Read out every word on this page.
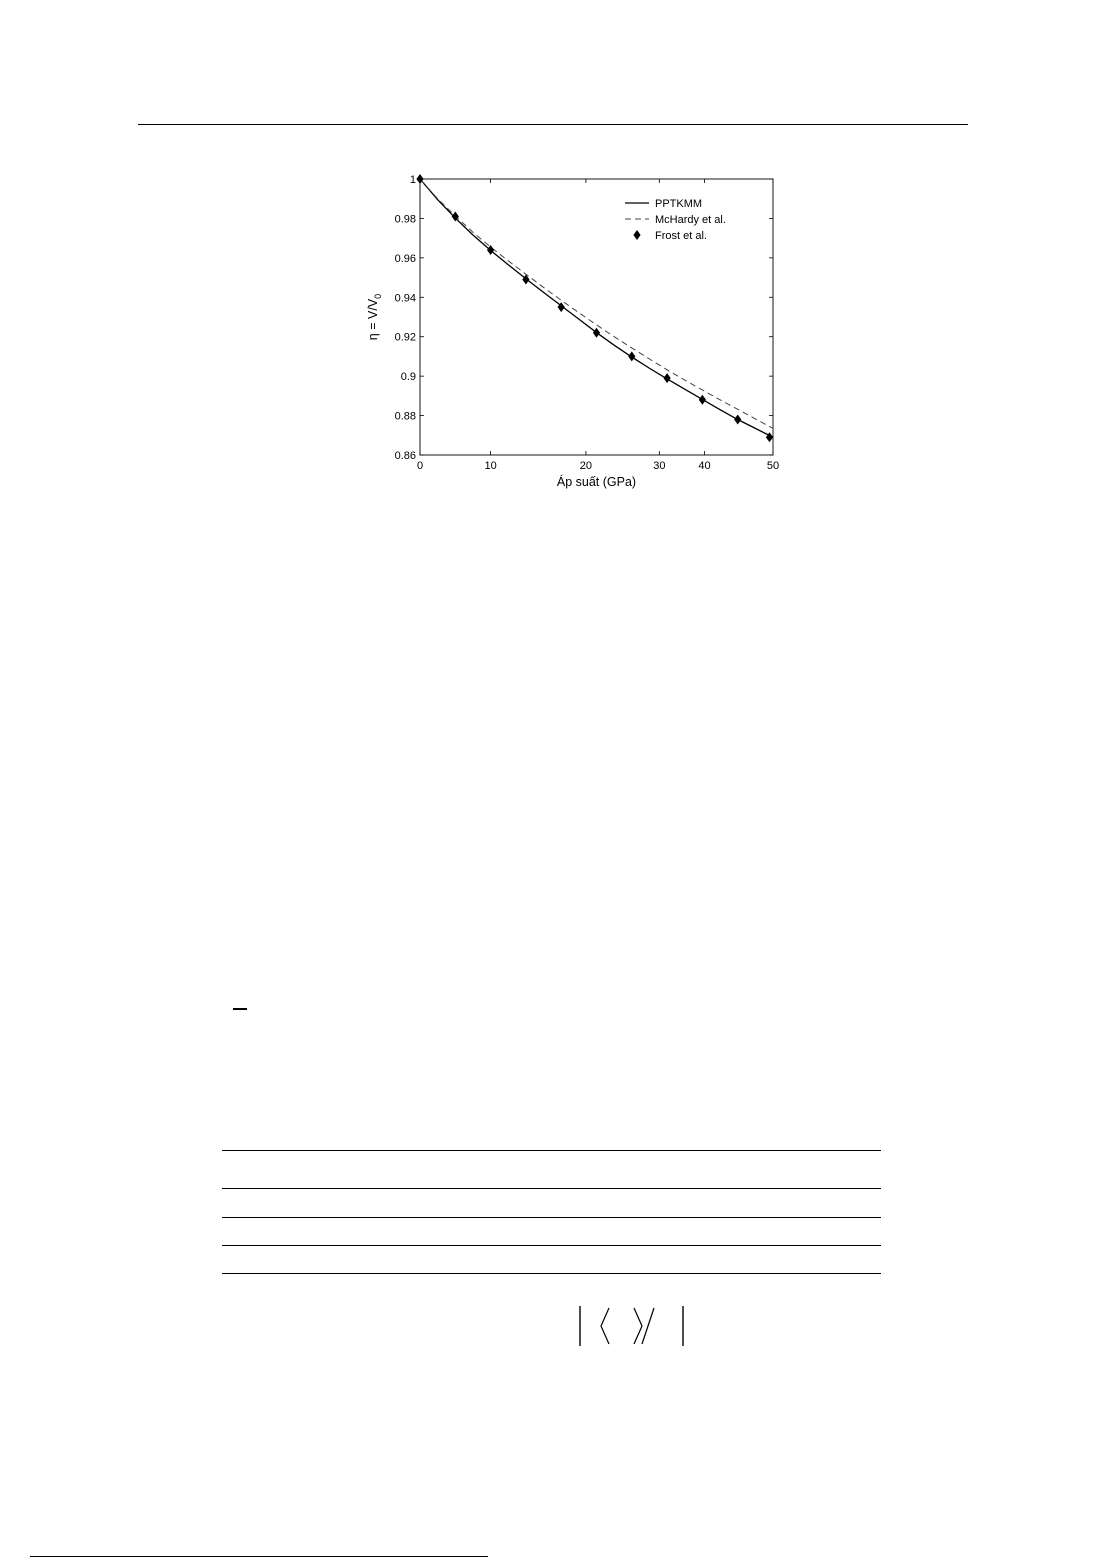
0.86
0.88
0.9
0.92
0.94
0.96
0.98
1
0	10	20	30	40	50
Áp suất (GPa)
$\eta = V/V_0$
PPTKMM
McHardy et al.
Frost et al.
